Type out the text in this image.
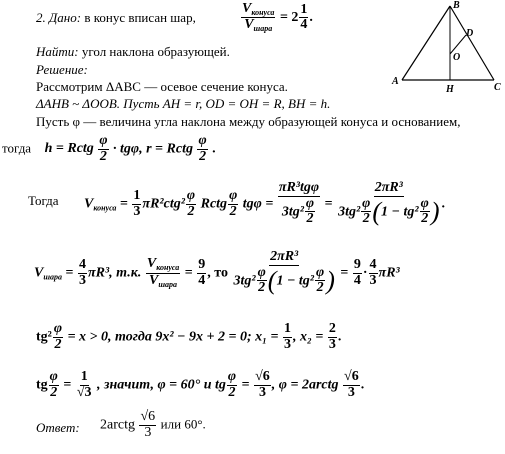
2. Дано: в конус вписан шар,	$\frac{V_{конуса}}{V_{шара}} = 2 \frac{1}{4}$ .
Найти: угол наклона образующей.
Решение:
Рассмотрим ΔABC — осевое сечение конуса.
ΔAHB ~ ΔOOB. Пусть AH = r, OD = OH = R, BH = h.
Пусть φ — величина угла наклона между образующей конуса и основанием,
B
D
O
A
H	C
тогда h = Rctg $\frac{\varphi}{2} \cdot tg\varphi$, r = Rctg $\frac{\varphi}{2}$ .
Тогда $V_{конуса} = \frac{1}{3} \pi R^2ctg^2 \frac{\varphi}{2}$ Rctg $\frac{\varphi}{2}$ $tg\varphi = \frac{\text{πR³tgφ}}{3tg^2 \frac{\varphi}{2}} = \frac{\text{2πR³}}{3tg^2 \frac{\varphi}{2} (1 - tg^2 \frac{\varphi}{2} )}$ .
$V_{шара} = \frac{4}{3} \pi R^3$, т.к. $\frac{V_{конуса}}{V_{шара}} = \frac{9}{4}$ , то $\frac{\text{2πR³}}{3tg^2 \frac{\varphi}{2} (1 - tg^2 \frac{\varphi}{2} )} = \frac{9}{4} \cdot \frac{4}{3} \pi R^3$
$tg^2 \frac{\varphi}{2} = x > 0$, тогда 9x² − 9x + 2 = 0; $x_1 = \frac{1}{3}$ , $x_2 = \frac{2}{3}$ .
tg $\frac{\varphi}{2} = \frac{1}{√3}$ , значит, φ = 60° и tg $\frac{\varphi}{2} = \frac{√6}{3}$ , φ = 2arctg $\frac{√6}{3}$ .
Ответ: 2arctg $\frac{√6}{3}$ или 60°.
